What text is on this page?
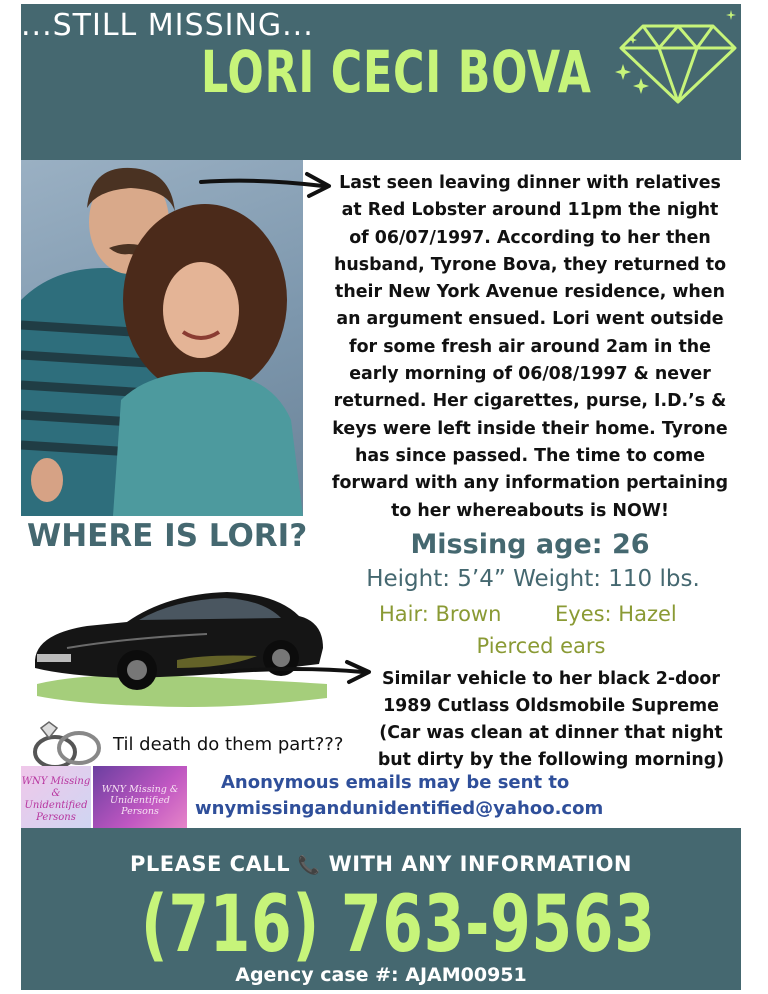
...STILL MISSING...
LORI CECI BOVA
Last seen leaving dinner with relatives at Red Lobster around 11pm the night of 06/07/1997. According to her then husband, Tyrone Bova, they returned to their New York Avenue residence, when an argument ensued. Lori went outside for some fresh air around 2am in the early morning of 06/08/1997 & never returned. Her cigarettes, purse, I.D.’s & keys were left inside their home. Tyrone has since passed. The time to come forward with any information pertaining to her whereabouts is NOW!
WHERE IS LORI?	Missing age: 26
Height: 5’4” Weight: 110 lbs.
Hair: Brown	Eyes: Hazel
Pierced ears
Similar vehicle to her black 2-door 1989 Cutlass Oldsmobile Supreme (Car was clean at dinner that night but dirty by the following morning)
Til death do them part???
WNY Missing & Unidentified Persons
WNY Missing & Unidentified Persons
Anonymous emails may be sent to
wnymissingandunidentified@yahoo.com
PLEASE CALL 📞 WITH ANY INFORMATION
(716) 763-9563
Agency case #: AJAM00951
